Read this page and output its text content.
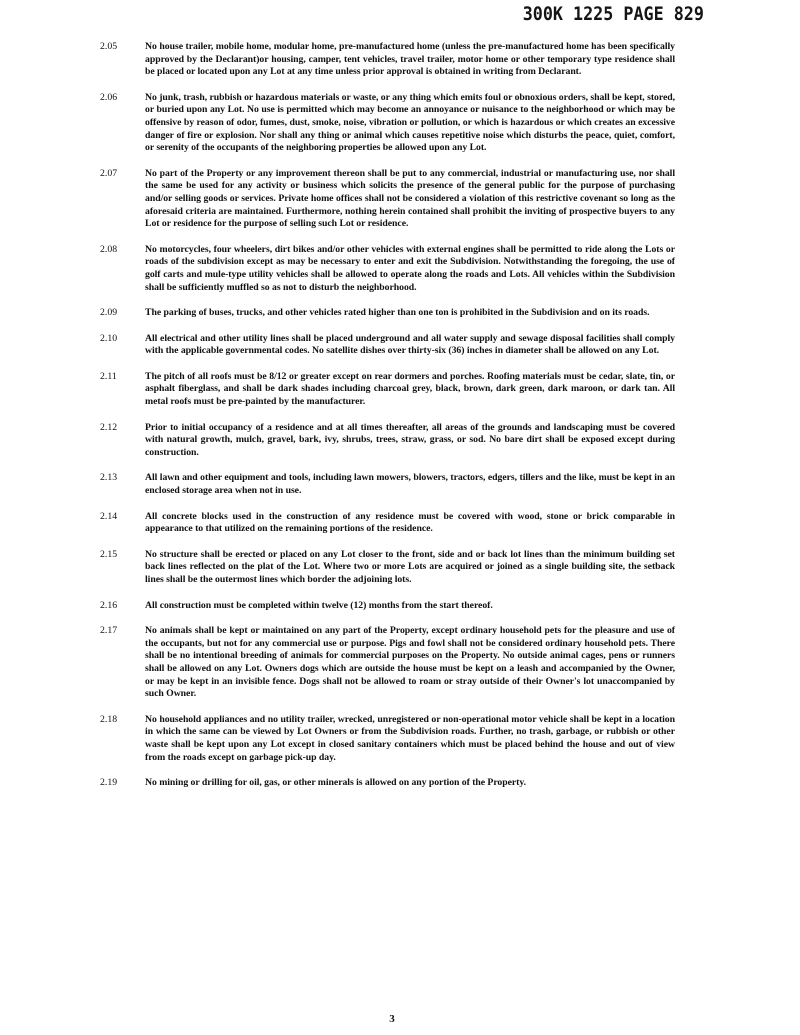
300K 1225 PAGE 829
2.05	No house trailer, mobile home, modular home, pre-manufactured home (unless the pre-manufactured home has been specifically approved by the Declarant)or housing, camper, tent vehicles, travel trailer, motor home or other temporary type residence shall be placed or located upon any Lot at any time unless prior approval is obtained in writing from Declarant.
2.06	No junk, trash, rubbish or hazardous materials or waste, or any thing which emits foul or obnoxious orders, shall be kept, stored, or buried upon any Lot. No use is permitted which may become an annoyance or nuisance to the neighborhood or which may be offensive by reason of odor, fumes, dust, smoke, noise, vibration or pollution, or which is hazardous or which creates an excessive danger of fire or explosion. Nor shall any thing or animal which causes repetitive noise which disturbs the peace, quiet, comfort, or serenity of the occupants of the neighboring properties be allowed upon any Lot.
2.07	No part of the Property or any improvement thereon shall be put to any commercial, industrial or manufacturing use, nor shall the same be used for any activity or business which solicits the presence of the general public for the purpose of purchasing and/or selling goods or services. Private home offices shall not be considered a violation of this restrictive covenant so long as the aforesaid criteria are maintained. Furthermore, nothing herein contained shall prohibit the inviting of prospective buyers to any Lot or residence for the purpose of selling such Lot or residence.
2.08	No motorcycles, four wheelers, dirt bikes and/or other vehicles with external engines shall be permitted to ride along the Lots or roads of the subdivision except as may be necessary to enter and exit the Subdivision. Notwithstanding the foregoing, the use of golf carts and mule-type utility vehicles shall be allowed to operate along the roads and Lots. All vehicles within the Subdivision shall be sufficiently muffled so as not to disturb the neighborhood.
2.09	The parking of buses, trucks, and other vehicles rated higher than one ton is prohibited in the Subdivision and on its roads.
2.10	All electrical and other utility lines shall be placed underground and all water supply and sewage disposal facilities shall comply with the applicable governmental codes. No satellite dishes over thirty-six (36) inches in diameter shall be allowed on any Lot.
2.11	The pitch of all roofs must be 8/12 or greater except on rear dormers and porches. Roofing materials must be cedar, slate, tin, or asphalt fiberglass, and shall be dark shades including charcoal grey, black, brown, dark green, dark maroon, or dark tan. All metal roofs must be pre-painted by the manufacturer.
2.12	Prior to initial occupancy of a residence and at all times thereafter, all areas of the grounds and landscaping must be covered with natural growth, mulch, gravel, bark, ivy, shrubs, trees, straw, grass, or sod. No bare dirt shall be exposed except during construction.
2.13	All lawn and other equipment and tools, including lawn mowers, blowers, tractors, edgers, tillers and the like, must be kept in an enclosed storage area when not in use.
2.14	All concrete blocks used in the construction of any residence must be covered with wood, stone or brick comparable in appearance to that utilized on the remaining portions of the residence.
2.15	No structure shall be erected or placed on any Lot closer to the front, side and or back lot lines than the minimum building set back lines reflected on the plat of the Lot. Where two or more Lots are acquired or joined as a single building site, the setback lines shall be the outermost lines which border the adjoining lots.
2.16	All construction must be completed within twelve (12) months from the start thereof.
2.17	No animals shall be kept or maintained on any part of the Property, except ordinary household pets for the pleasure and use of the occupants, but not for any commercial use or purpose. Pigs and fowl shall not be considered ordinary household pets. There shall be no intentional breeding of animals for commercial purposes on the Property. No outside animal cages, pens or runners shall be allowed on any Lot. Owners dogs which are outside the house must be kept on a leash and accompanied by the Owner, or may be kept in an invisible fence. Dogs shall not be allowed to roam or stray outside of their Owner's lot unaccompanied by such Owner.
2.18	No household appliances and no utility trailer, wrecked, unregistered or non-operational motor vehicle shall be kept in a location in which the same can be viewed by Lot Owners or from the Subdivision roads. Further, no trash, garbage, or rubbish or other waste shall be kept upon any Lot except in closed sanitary containers which must be placed behind the house and out of view from the roads except on garbage pick-up day.
2.19	No mining or drilling for oil, gas, or other minerals is allowed on any portion of the Property.
3
